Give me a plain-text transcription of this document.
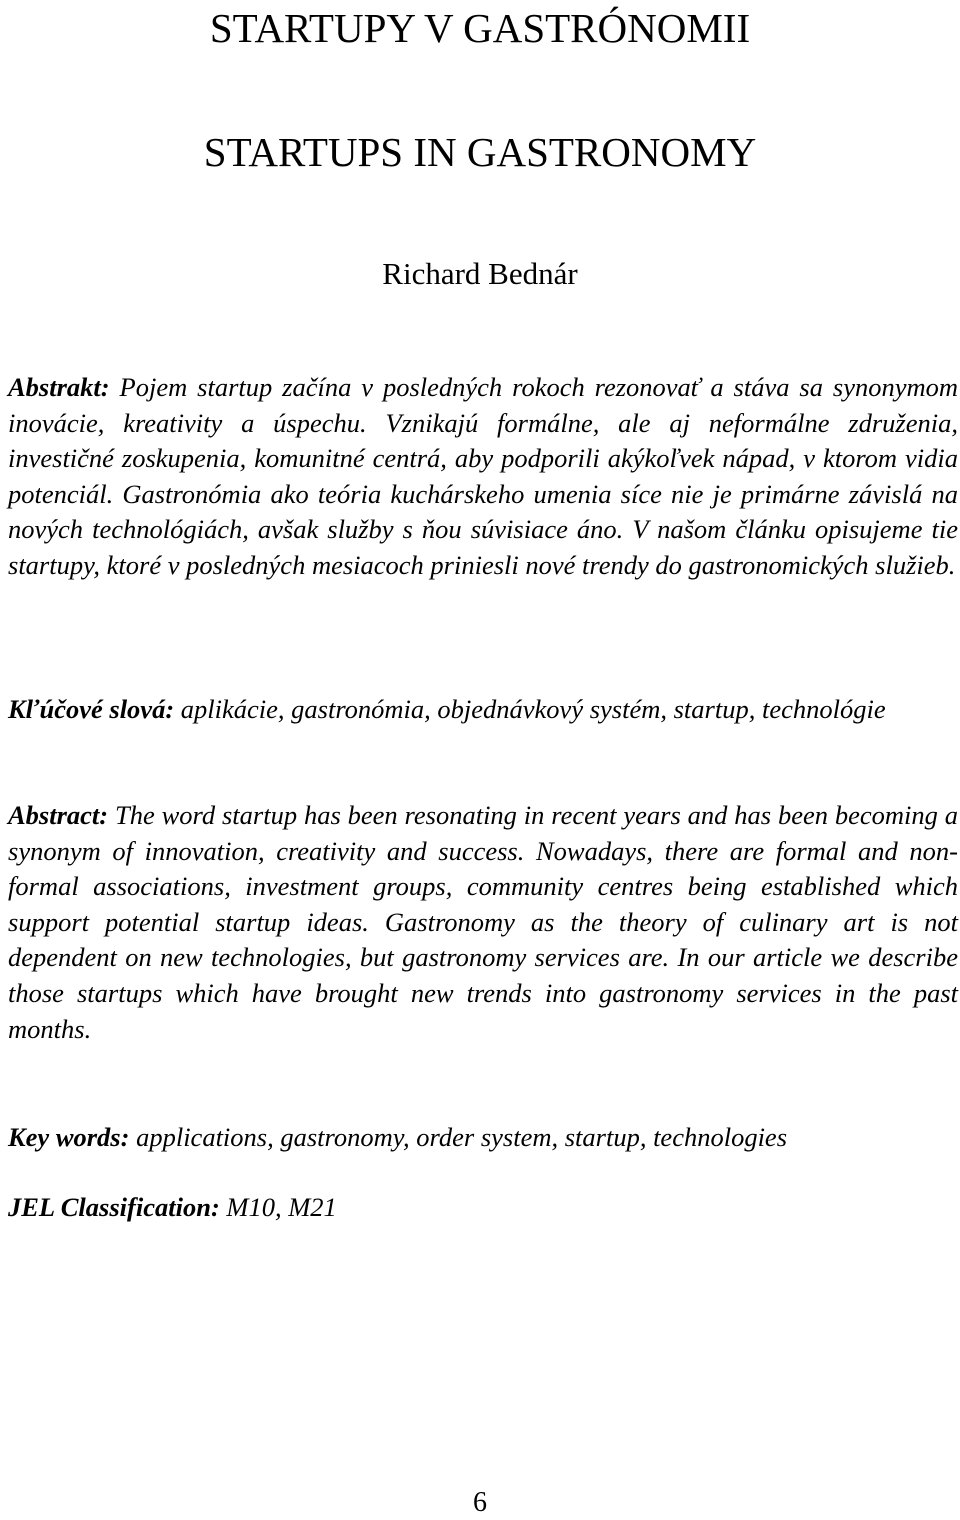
STARTUPY V GASTRÓNOMII
STARTUPS IN GASTRONOMY

Richard Bednár

Abstrakt: Pojem startup začína v posledných rokoch rezonovať a stáva sa synonymom inovácie, kreativity a úspechu. Vznikajú formálne, ale aj neformálne združenia, investičné zoskupenia, komunitné centrá, aby podporili akýkoľvek nápad, v ktorom vidia potenciál. Gastronómia ako teória kuchárskeho umenia síce nie je primárne závislá na nových technológiách, avšak služby s ňou súvisiace áno. V našom článku opisujeme tie startupy, ktoré v posledných mesiacoch priniesli nové trendy do gastronomických služieb.

Kľúčové slová: aplikácie, gastronómia, objednávkový systém, startup, technológie

Abstract: The word startup has been resonating in recent years and has been becoming a synonym of innovation, creativity and success. Nowadays, there are formal and non-formal associations, investment groups, community centres being established which support potential startup ideas. Gastronomy as the theory of culinary art is not dependent on new technologies, but gastronomy services are. In our article we describe those startups which have brought new trends into gastronomy services in the past months.

Key words: applications, gastronomy, order system, startup, technologies

JEL Classification: M10, M21

6
